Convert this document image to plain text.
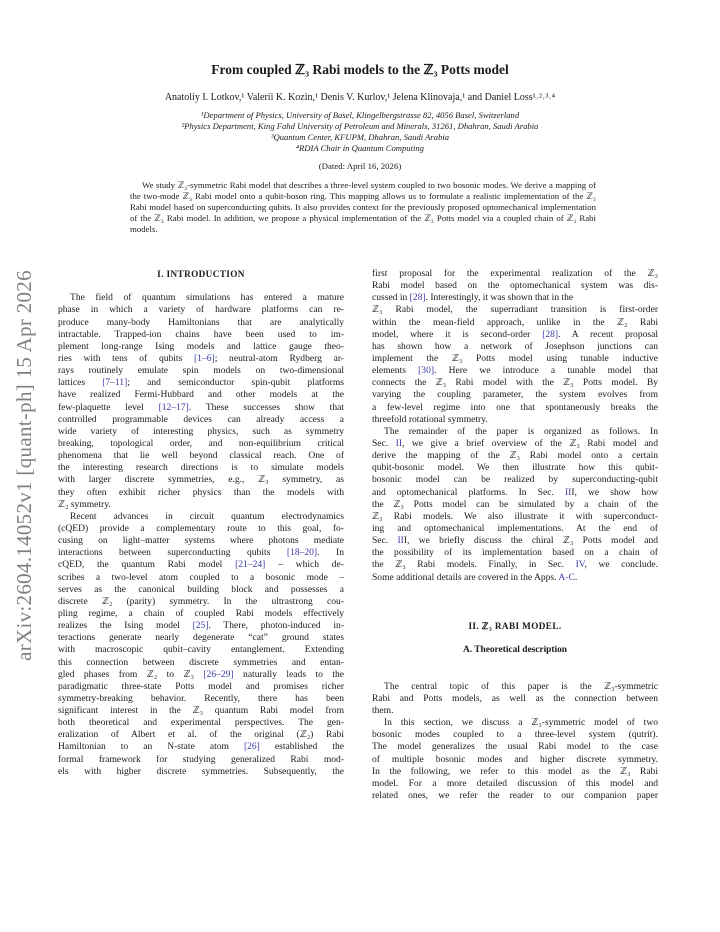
arXiv:2604.14052v1 [quant-ph] 15 Apr 2026
From coupled ℤ₃ Rabi models to the ℤ₃ Potts model
Anatoliy I. Lotkov,¹ Valerii K. Kozin,¹ Denis V. Kurlov,¹ Jelena Klinovaja,¹ and Daniel Loss¹˒²˒³˒⁴
¹Department of Physics, University of Basel, Klingelbergstrasse 82, 4056 Basel, Switzerland
²Physics Department, King Fahd University of Petroleum and Minerals, 31261, Dhahran, Saudi Arabia
³Quantum Center, KFUPM, Dhahran, Saudi Arabia
⁴RDIA Chair in Quantum Computing
(Dated: April 16, 2026)
We study ℤ₃-symmetric Rabi model that describes a three-level system coupled to two bosonic modes. We derive a mapping of the two-mode ℤ₃ Rabi model onto a qubit-boson ring. This mapping allows us to formulate a realistic implementation of the ℤ₃ Rabi model based on superconducting qubits. It also provides context for the previously proposed optomechanical implementation of the ℤ₃ Rabi model. In addition, we propose a physical implementation of the ℤ₃ Potts model via a coupled chain of ℤ₃ Rabi models.
I. INTRODUCTION
The field of quantum simulations has entered a mature
phase in which a variety of hardware platforms can re-
produce many-body Hamiltonians that are analytically
intractable. Trapped-ion chains have been used to im-
plement long-range Ising models and lattice gauge theo-
ries with tens of qubits [1–6]; neutral-atom Rydberg ar-
rays routinely emulate spin models on two-dimensional
lattices [7–11]; and semiconductor spin-qubit platforms
have realized Fermi-Hubbard and other models at the
few-plaquette level [12–17]. These successes show that
controlled programmable devices can already access a
wide variety of interesting physics, such as symmetry
breaking, topological order, and non-equilibrium critical
phenomena that lie well beyond classical reach. One of
the interesting research directions is to simulate models
with larger discrete symmetries, e.g., ℤ₃ symmetry, as
they often exhibit richer physics than the models with
ℤ₂ symmetry.
Recent advances in circuit quantum electrodynamics
(cQED) provide a complementary route to this goal, fo-
cusing on light–matter systems where photons mediate
interactions between superconducting qubits [18–20]. In
cQED, the quantum Rabi model [21–24] – which de-
scribes a two-level atom coupled to a bosonic mode –
serves as the canonical building block and possesses a
discrete ℤ₂ (parity) symmetry. In the ultrastrong cou-
pling regime, a chain of coupled Rabi models effectively
realizes the Ising model [25]. There, photon-induced in-
teractions generate nearly degenerate “cat” ground states
with macroscopic qubit–cavity entanglement. Extending
this connection between discrete symmetries and entan-
gled phases from ℤ₂ to ℤ₃ [26–29] naturally leads to the
paradigmatic three-state Potts model and promises richer
symmetry-breaking behavior. Recently, there has been
significant interest in the ℤ₃ quantum Rabi model from
both theoretical and experimental perspectives. The gen-
eralization of Albert et al. of the original (ℤ₂) Rabi
Hamiltonian to an N-state atom [26] established the
formal framework for studying generalized Rabi mod-
els with higher discrete symmetries. Subsequently, the
first proposal for the experimental realization of the ℤ₃
Rabi model based on the optomechanical system was dis-
cussed in [28]. Interestingly, it was shown that in the
ℤ₃ Rabi model, the superradiant transition is first-order
within the mean-field approach, unlike in the ℤ₂ Rabi
model, where it is second-order [28]. A recent proposal
has shown how a network of Josephson junctions can
implement the ℤ₃ Potts model using tunable inductive
elements [30]. Here we introduce a tunable model that
connects the ℤ₃ Rabi model with the ℤ₃ Potts model. By
varying the coupling parameter, the system evolves from
a few-level regime into one that spontaneously breaks the
threefold rotational symmetry.
The remainder of the paper is organized as follows. In
Sec. II, we give a brief overview of the ℤ₃ Rabi model and
derive the mapping of the ℤ₃ Rabi model onto a certain
qubit-bosonic model. We then illustrate how this qubit-
bosonic model can be realized by superconducting-qubit
and optomechanical platforms. In Sec. III, we show how
the ℤ₃ Potts model can be simulated by a chain of the
ℤ₃ Rabi models. We also illustrate it with superconduct-
ing and optomechanical implementations. At the end of
Sec. III, we briefly discuss the chiral ℤ₃ Potts model and
the possibility of its implementation based on a chain of
the ℤ₃ Rabi models. Finally, in Sec. IV, we conclude.
Some additional details are covered in the Apps. A-C.
II. ℤ₃ RABI MODEL.
A. Theoretical description
The central topic of this paper is the ℤ₃-symmetric
Rabi and Potts models, as well as the connection between
them.
In this section, we discuss a ℤ₃-symmetric model of two
bosonic modes coupled to a three-level system (qutrit).
The model generalizes the usual Rabi model to the case
of multiple bosonic modes and higher discrete symmetry.
In the following, we refer to this model as the ℤ₃ Rabi
model. For a more detailed discussion of this model and
related ones, we refer the reader to our companion paper
